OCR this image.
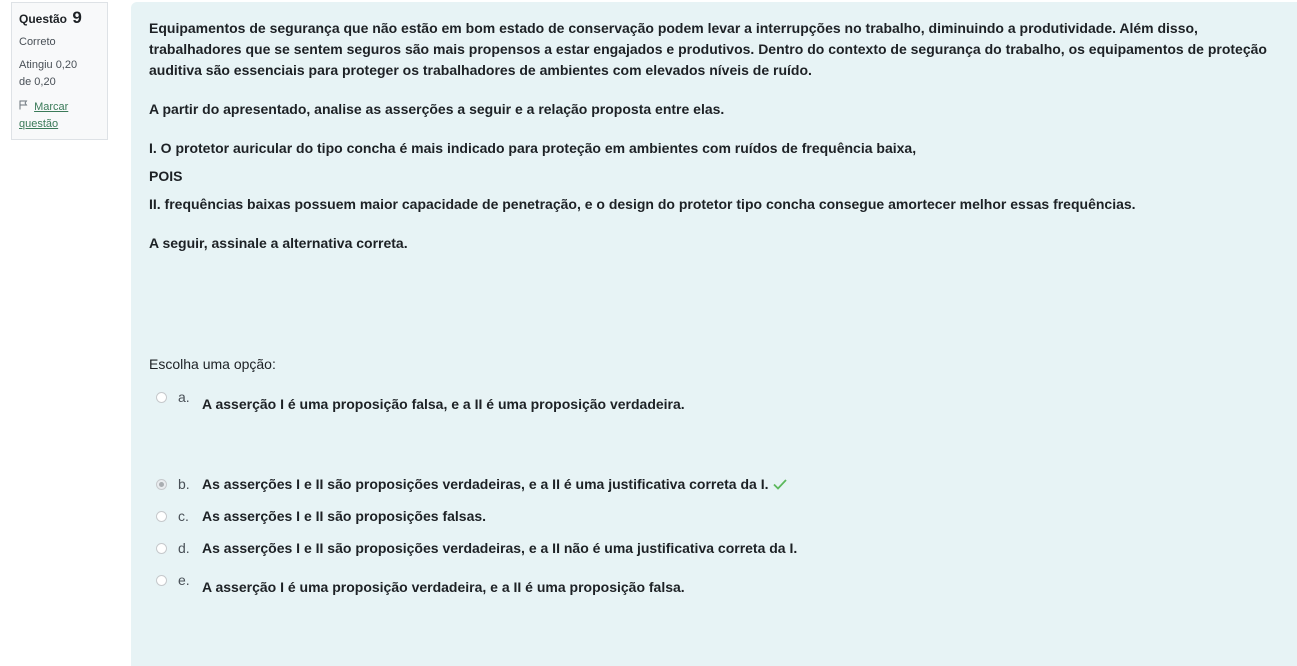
Questão 9
Correto
Atingiu 0,20
de 0,20
Marcar
questão

Equipamentos de segurança que não estão em bom estado de conservação podem levar a interrupções no trabalho, diminuindo a produtividade. Além disso, trabalhadores que se sentem seguros são mais propensos a estar engajados e produtivos. Dentro do contexto de segurança do trabalho, os equipamentos de proteção auditiva são essenciais para proteger os trabalhadores de ambientes com elevados níveis de ruído.

A partir do apresentado, analise as asserções a seguir e a relação proposta entre elas.

I. O protetor auricular do tipo concha é mais indicado para proteção em ambientes com ruídos de frequência baixa,

POIS

II. frequências baixas possuem maior capacidade de penetração, e o design do protetor tipo concha consegue amortecer melhor essas frequências.

A seguir, assinale a alternativa correta.

Escolha uma opção:
a. A asserção I é uma proposição falsa, e a II é uma proposição verdadeira.
b. As asserções I e II são proposições verdadeiras, e a II é uma justificativa correta da I.
c. As asserções I e II são proposições falsas.
d. As asserções I e II são proposições verdadeiras, e a II não é uma justificativa correta da I.
e. A asserção I é uma proposição verdadeira, e a II é uma proposição falsa.
